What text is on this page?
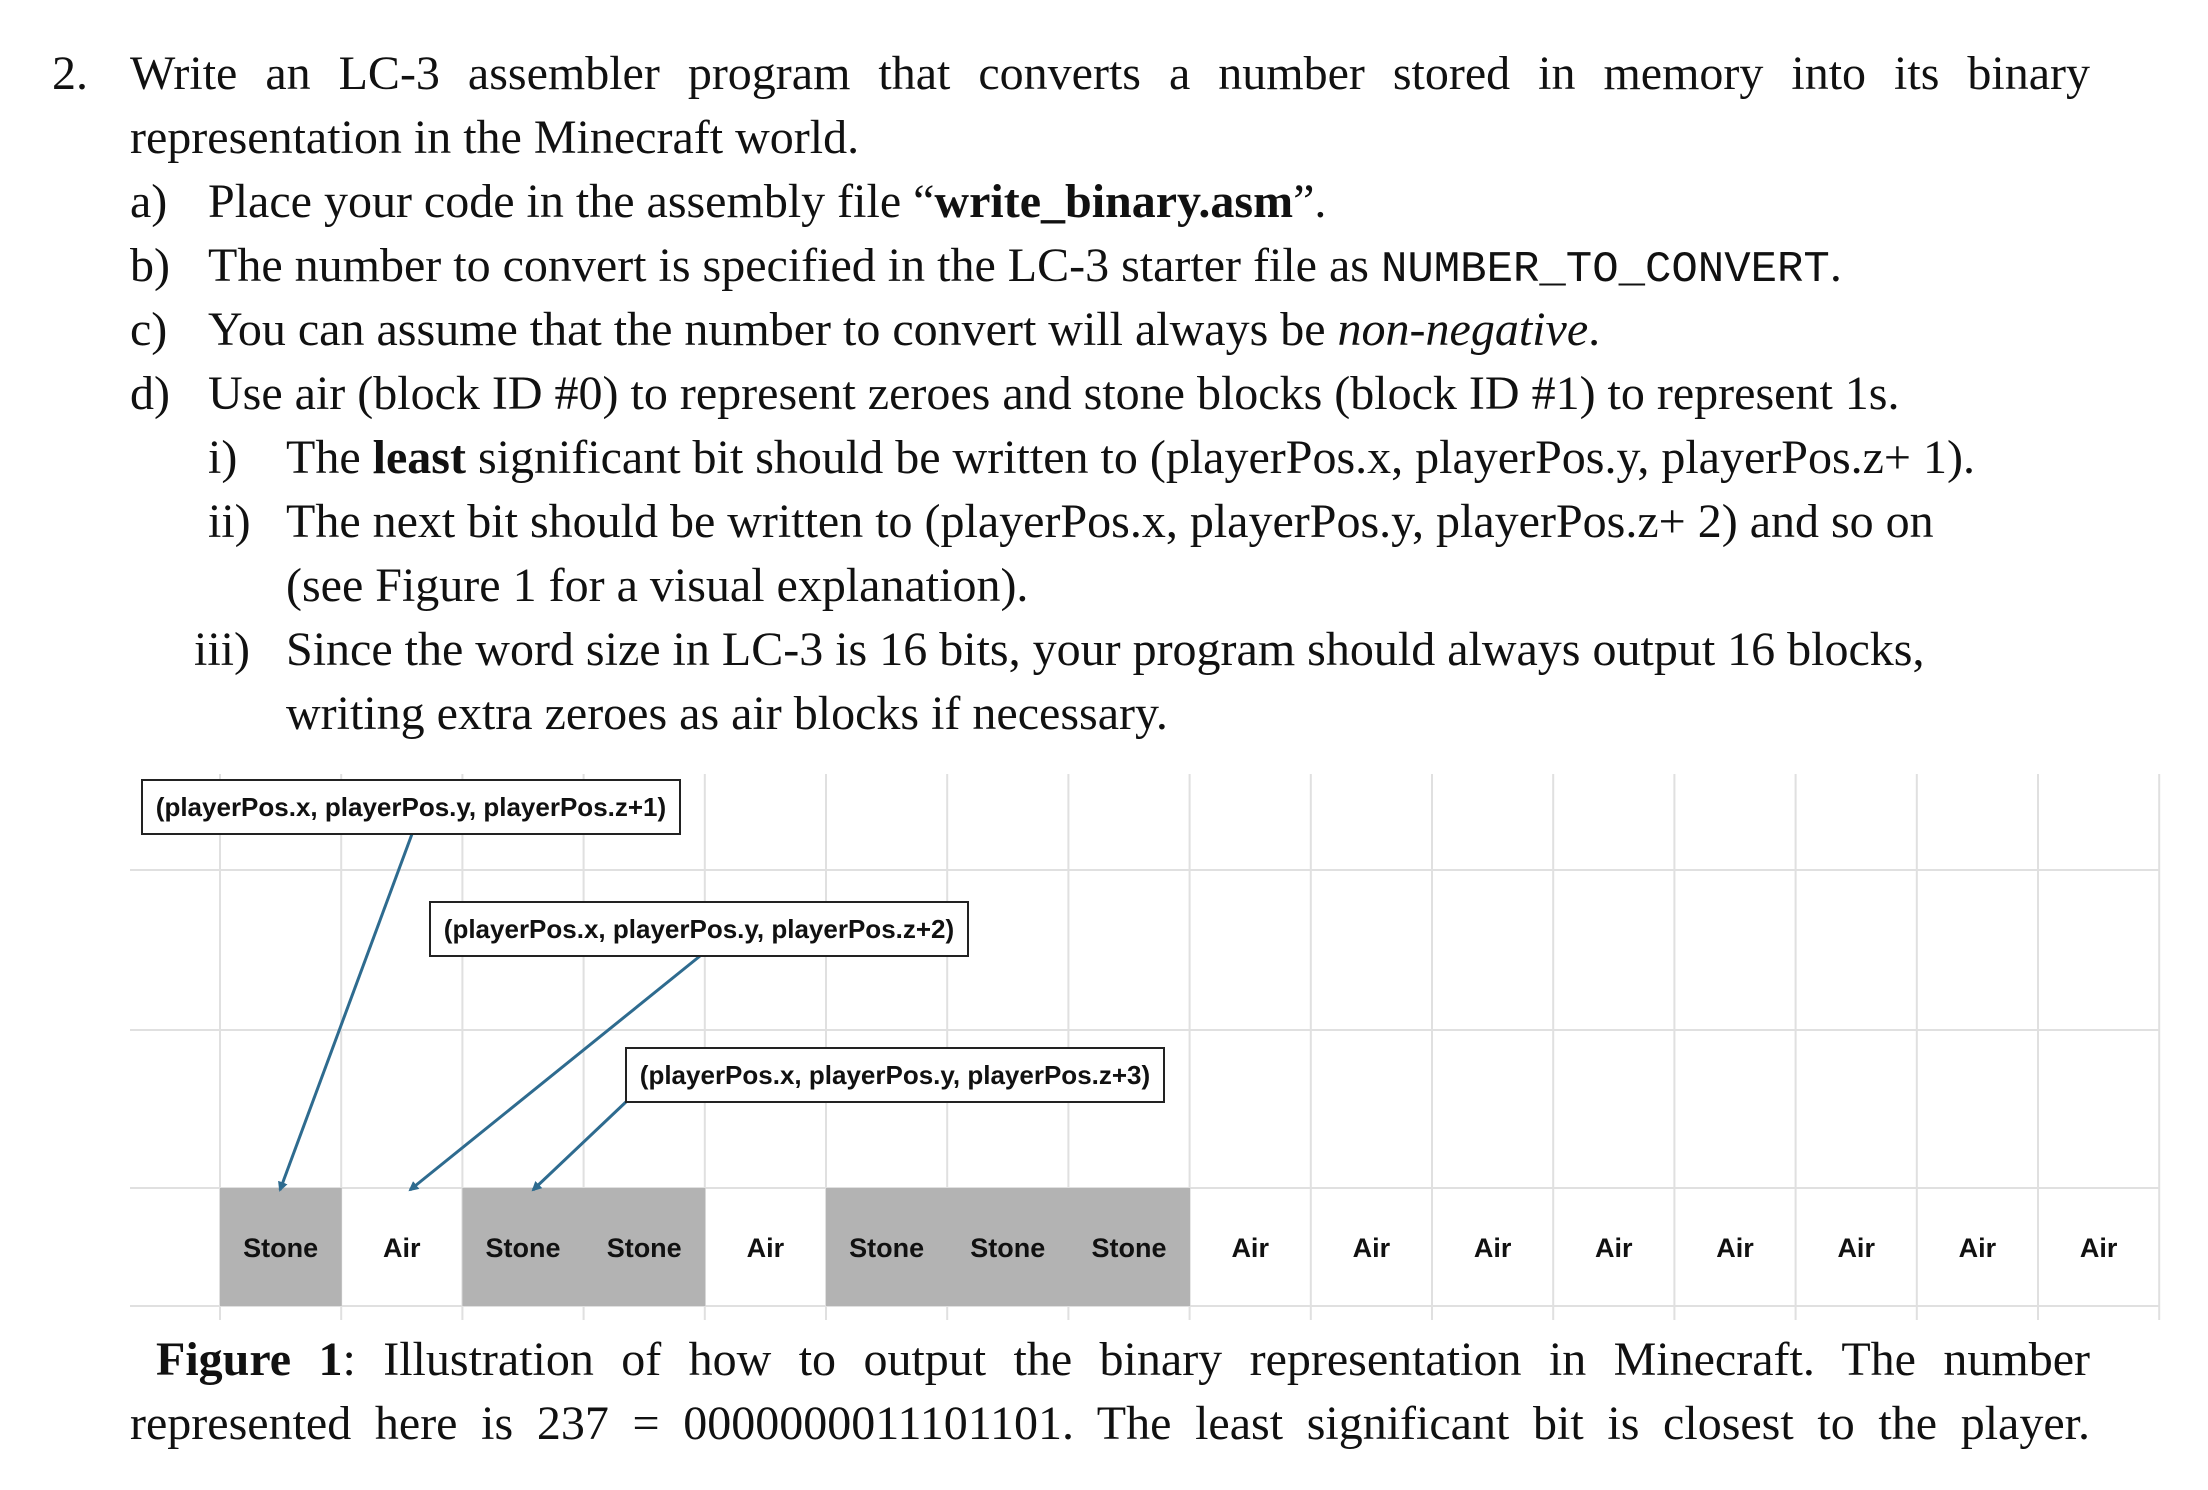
2. Write an LC-3 assembler program that converts a number stored in memory into its binary
representation in the Minecraft world.
a) Place your code in the assembly file “write_binary.asm”.
b) The number to convert is specified in the LC-3 starter file as NUMBER_TO_CONVERT.
c) You can assume that the number to convert will always be non-negative.
d) Use air (block ID #0) to represent zeroes and stone blocks (block ID #1) to represent 1s.
i) The least significant bit should be written to (playerPos.x, playerPos.y, playerPos.z+ 1).
ii) The next bit should be written to (playerPos.x, playerPos.y, playerPos.z+ 2) and so on
(see Figure 1 for a visual explanation).
iii) Since the word size in LC-3 is 16 bits, your program should always output 16 blocks,
writing extra zeroes as air blocks if necessary.
Stone Air Stone Stone Air Stone Stone Stone Air	Air	Air	Air	Air	Air	Air	Air
(playerPos.x, playerPos.y, playerPos.z+1)
(playerPos.x, playerPos.y, playerPos.z+2)
(playerPos.x, playerPos.y, playerPos.z+3)
Figure 1: Illustration of how to output the binary representation in Minecraft. The number
represented here is 237 = 0000000011101101. The least significant bit is closest to the player.
